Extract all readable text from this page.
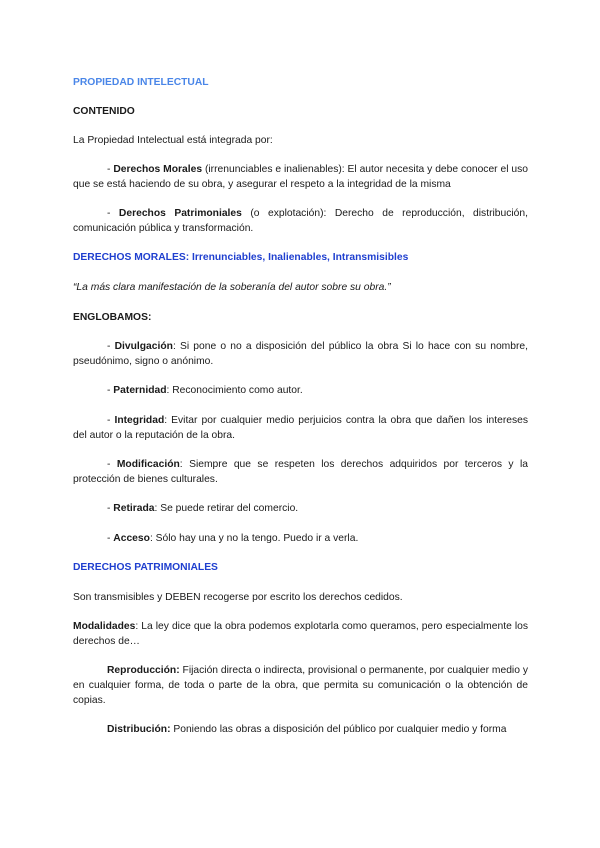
PROPIEDAD INTELECTUAL

CONTENIDO

La Propiedad Intelectual está integrada por:

- Derechos Morales (irrenunciables e inalienables): El autor necesita y debe conocer el uso que se está haciendo de su obra, y asegurar el respeto a la integridad de la misma

- Derechos Patrimoniales (o explotación): Derecho de reproducción, distribución, comunicación pública y transformación.

DERECHOS MORALES: Irrenunciables, Inalienables, Intransmisibles

“La más clara manifestación de la soberanía del autor sobre su obra.”

ENGLOBAMOS:

- Divulgación: Si pone o no a disposición del público la obra Si lo hace con su nombre, pseudónimo, signo o anónimo.

- Paternidad: Reconocimiento como autor.

- Integridad: Evitar por cualquier medio perjuicios contra la obra que dañen los intereses del autor o la reputación de la obra.

- Modificación: Siempre que se respeten los derechos adquiridos por terceros y la protección de bienes culturales.

- Retirada: Se puede retirar del comercio.

- Acceso: Sólo hay una y no la tengo. Puedo ir a verla.

DERECHOS PATRIMONIALES

Son transmisibles y DEBEN recogerse por escrito los derechos cedidos.

Modalidades: La ley dice que la obra podemos explotarla como queramos, pero especialmente los derechos de…

Reproducción: Fijación directa o indirecta, provisional o permanente, por cualquier medio y en cualquier forma, de toda o parte de la obra, que permita su comunicación o la obtención de copias.

Distribución: Poniendo las obras a disposición del público por cualquier medio y forma
